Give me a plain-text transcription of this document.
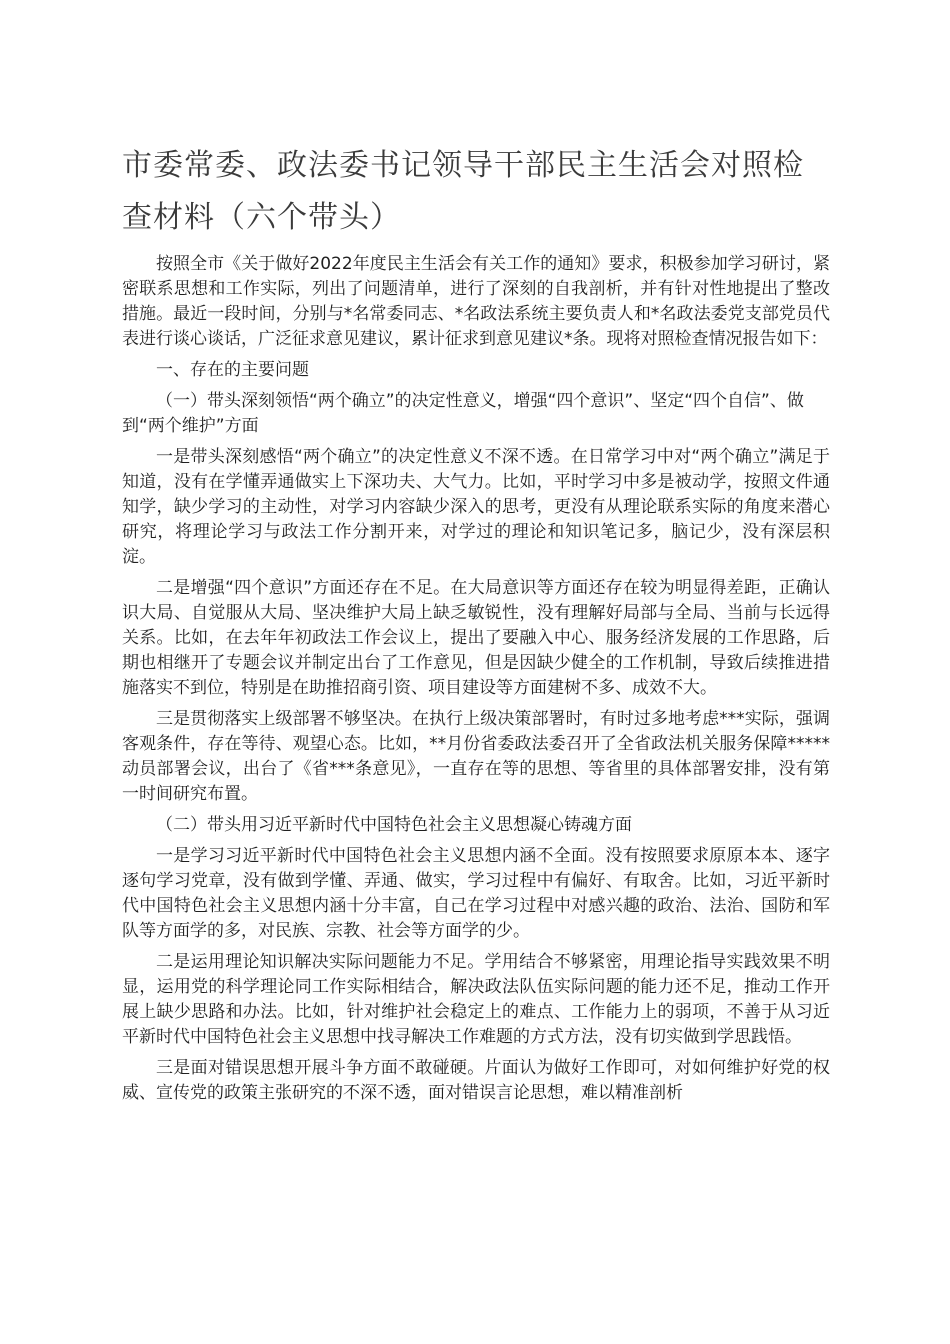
市委常委、政法委书记领导干部民主生活会对照检查材料（六个带头）

按照全市《关于做好2022年度民主生活会有关工作的通知》要求，积极参加学习研讨，紧密联系思想和工作实际，列出了问题清单，进行了深刻的自我剖析，并有针对性地提出了整改措施。最近一段时间，分别与*名常委同志、*名政法系统主要负责人和*名政法委党支部党员代表进行谈心谈话，广泛征求意见建议，累计征求到意见建议*条。现将对照检查情况报告如下：

一、存在的主要问题

（一）带头深刻领悟“两个确立”的决定性意义，增强“四个意识”、坚定“四个自信”、做到“两个维护”方面

一是带头深刻感悟“两个确立”的决定性意义不深不透。在日常学习中对“两个确立”满足于知道，没有在学懂弄通做实上下深功夫、大气力。比如，平时学习中多是被动学，按照文件通知学，缺少学习的主动性，对学习内容缺少深入的思考，更没有从理论联系实际的角度来潜心研究，将理论学习与政法工作分割开来，对学过的理论和知识笔记多，脑记少，没有深层积淀。

二是增强“四个意识”方面还存在不足。在大局意识等方面还存在较为明显得差距，正确认识大局、自觉服从大局、坚决维护大局上缺乏敏锐性，没有理解好局部与全局、当前与长远得关系。比如，在去年年初政法工作会议上，提出了要融入中心、服务经济发展的工作思路，后期也相继开了专题会议并制定出台了工作意见，但是因缺少健全的工作机制，导致后续推进措施落实不到位，特别是在助推招商引资、项目建设等方面建树不多、成效不大。

三是贯彻落实上级部署不够坚决。在执行上级决策部署时，有时过多地考虑***实际，强调客观条件，存在等待、观望心态。比如，**月份省委政法委召开了全省政法机关服务保障*****动员部署会议，出台了《省***条意见》，一直存在等的思想、等省里的具体部署安排，没有第一时间研究布置。

（二）带头用习近平新时代中国特色社会主义思想凝心铸魂方面

一是学习习近平新时代中国特色社会主义思想内涵不全面。没有按照要求原原本本、逐字逐句学习党章，没有做到学懂、弄通、做实，学习过程中有偏好、有取舍。比如，习近平新时代中国特色社会主义思想内涵十分丰富，自己在学习过程中对感兴趣的政治、法治、国防和军队等方面学的多，对民族、宗教、社会等方面学的少。

二是运用理论知识解决实际问题能力不足。学用结合不够紧密，用理论指导实践效果不明显，运用党的科学理论同工作实际相结合，解决政法队伍实际问题的能力还不足，推动工作开展上缺少思路和办法。比如，针对维护社会稳定上的难点、工作能力上的弱项，不善于从习近平新时代中国特色社会主义思想中找寻解决工作难题的方式方法，没有切实做到学思践悟。

三是面对错误思想开展斗争方面不敢碰硬。片面认为做好工作即可，对如何维护好党的权威、宣传党的政策主张研究的不深不透，面对错误言论思想，难以精准剖析
